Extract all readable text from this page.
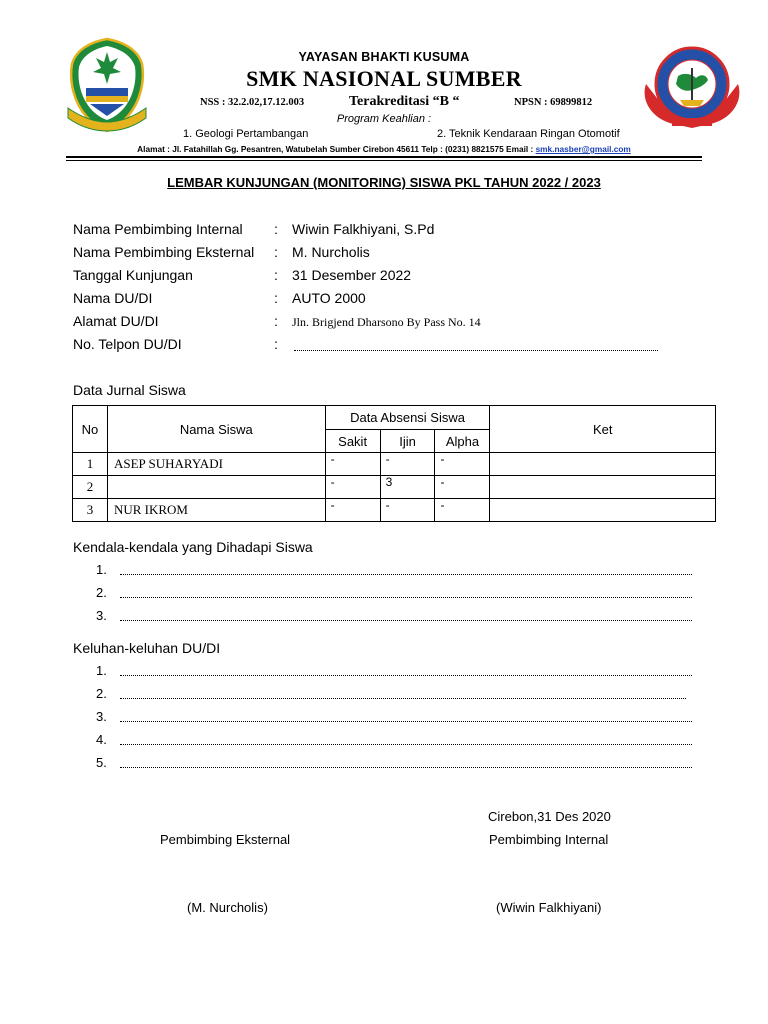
YAYASAN BHAKTI KUSUMA
SMK NASIONAL SUMBER
NSS : 32.2.02,17.12.003	Terakreditasi “B “	NPSN : 69899812
Program Keahlian :
1. Geologi Pertambangan	2. Teknik Kendaraan Ringan Otomotif
Alamat : Jl. Fatahillah Gg. Pesantren, Watubelah Sumber Cirebon 45611 Telp : (0231) 8821575 Email : smk.nasber@gmail.com
LEMBAR KUNJUNGAN (MONITORING) SISWA PKL TAHUN 2022 / 2023
Nama Pembimbing Internal : Wiwin Falkhiyani, S.Pd
Nama Pembimbing Eksternal : M. Nurcholis
Tanggal Kunjungan	: 31 Desember 2022
Nama DU/DI	: AUTO 2000
Alamat DU/DI	: Jln. Brigjend Dharsono By Pass No. 14
No. Telpon DU/DI	:
Data Jurnal Siswa
No	Nama Siswa	Data Absensi Siswa			Ket
		Sakit	Ijin	Alpha	
1	ASEP SUHARYADI	-	-	-	
2		-	3	-	
3	NUR IKROM	-	-	-	
Kendala-kendala yang Dihadapi Siswa
1.
2.
3.
Keluhan-keluhan DU/DI
1.
2.
3.
4.
5.
Cirebon,31 Des 2020
Pembimbing Eksternal	Pembimbing Internal
(M. Nurcholis)	(Wiwin Falkhiyani)
